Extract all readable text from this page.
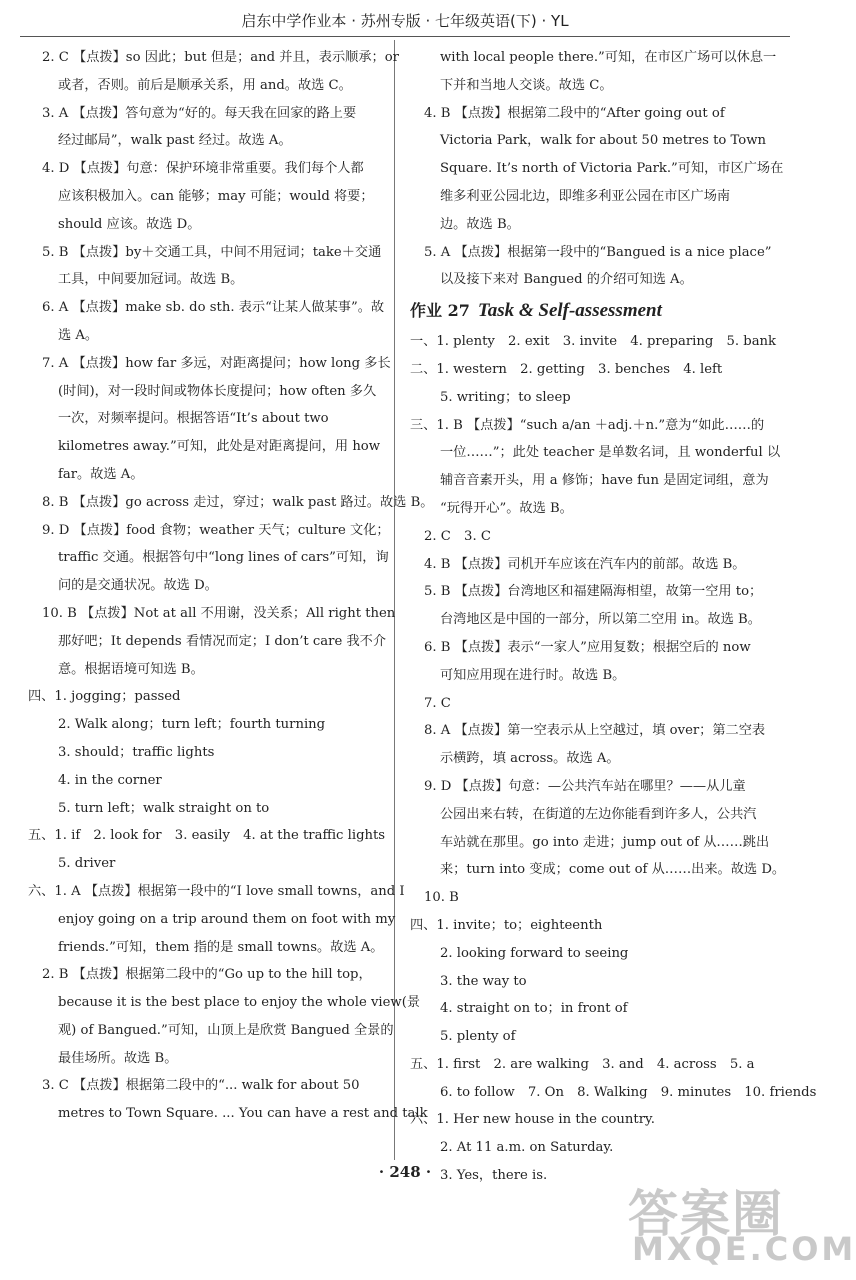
启东中学作业本 · 苏州专版 · 七年级英语(下) · YL
2. C 【点拨】so 因此；but 但是；and 并且，表示顺承；or
或者，否则。前后是顺承关系，用 and。故选 C。
3. A 【点拨】答句意为“好的。每天我在回家的路上要
经过邮局”，walk past 经过。故选 A。
4. D 【点拨】句意：保护环境非常重要。我们每个人都
应该积极加入。can 能够；may 可能；would 将要；
should 应该。故选 D。
5. B 【点拨】by＋交通工具，中间不用冠词；take＋交通
工具，中间要加冠词。故选 B。
6. A 【点拨】make sb. do sth. 表示“让某人做某事”。故
选 A。
7. A 【点拨】how far 多远，对距离提问；how long 多长
(时间)，对一段时间或物体长度提问；how often 多久
一次，对频率提问。根据答语“It’s about two
kilometres away.”可知，此处是对距离提问，用 how
far。故选 A。
8. B 【点拨】go across 走过，穿过；walk past 路过。故选 B。
9. D 【点拨】food 食物；weather 天气；culture 文化；
traffic 交通。根据答句中“long lines of cars”可知，询
问的是交通状况。故选 D。
10. B 【点拨】Not at all 不用谢，没关系；All right then
那好吧；It depends 看情况而定；I don’t care 我不介
意。根据语境可知选 B。
四、1. jogging；passed
2. Walk along；turn left；fourth turning
3. should；traffic lights
4. in the corner
5. turn left；walk straight on to
五、1. if　2. look for　3. easily　4. at the traffic lights
5. driver
六、1. A 【点拨】根据第一段中的“I love small towns，and I
enjoy going on a trip around them on foot with my
friends.”可知，them 指的是 small towns。故选 A。
2. B 【点拨】根据第二段中的“Go up to the hill top，
because it is the best place to enjoy the whole view(景
观) of Bangued.”可知，山顶上是欣赏 Bangued 全景的
最佳场所。故选 B。
3. C 【点拨】根据第二段中的“... walk for about 50
metres to Town Square. ... You can have a rest and talk
with local people there.”可知，在市区广场可以休息一
下并和当地人交谈。故选 C。
4. B 【点拨】根据第二段中的“After going out of
Victoria Park，walk for about 50 metres to Town
Square. It’s north of Victoria Park.”可知，市区广场在
维多利亚公园北边，即维多利亚公园在市区广场南
边。故选 B。
5. A 【点拨】根据第一段中的“Bangued is a nice place”
以及接下来对 Bangued 的介绍可知选 A。
作业 27 Task & Self-assessment
一、1. plenty　2. exit　3. invite　4. preparing　5. bank
二、1. western　2. getting　3. benches　4. left
5. writing；to sleep
三、1. B 【点拨】“such a/an ＋adj.＋n.”意为“如此……的
一位……”；此处 teacher 是单数名词，且 wonderful 以
辅音音素开头，用 a 修饰；have fun 是固定词组，意为
“玩得开心”。故选 B。
2. C　3. C
4. B 【点拨】司机开车应该在汽车内的前部。故选 B。
5. B 【点拨】台湾地区和福建隔海相望，故第一空用 to；
台湾地区是中国的一部分，所以第二空用 in。故选 B。
6. B 【点拨】表示“一家人”应用复数；根据空后的 now
可知应用现在进行时。故选 B。
7. C
8. A 【点拨】第一空表示从上空越过，填 over；第二空表
示横跨，填 across。故选 A。
9. D 【点拨】句意：—公共汽车站在哪里？——从儿童
公园出来右转，在街道的左边你能看到许多人，公共汽
车站就在那里。go into 走进；jump out of 从……跳出
来；turn into 变成；come out of 从……出来。故选 D。
10. B
四、1. invite；to；eighteenth
2. looking forward to seeing
3. the way to
4. straight on to；in front of
5. plenty of
五、1. first　2. are walking　3. and　4. across　5. a
6. to follow　7. On　8. Walking　9. minutes　10. friends
六、1. Her new house in the country.
2. At 11 a.m. on Saturday.
3. Yes，there is.
· 248 ·
答案圈
MXQE.COM
